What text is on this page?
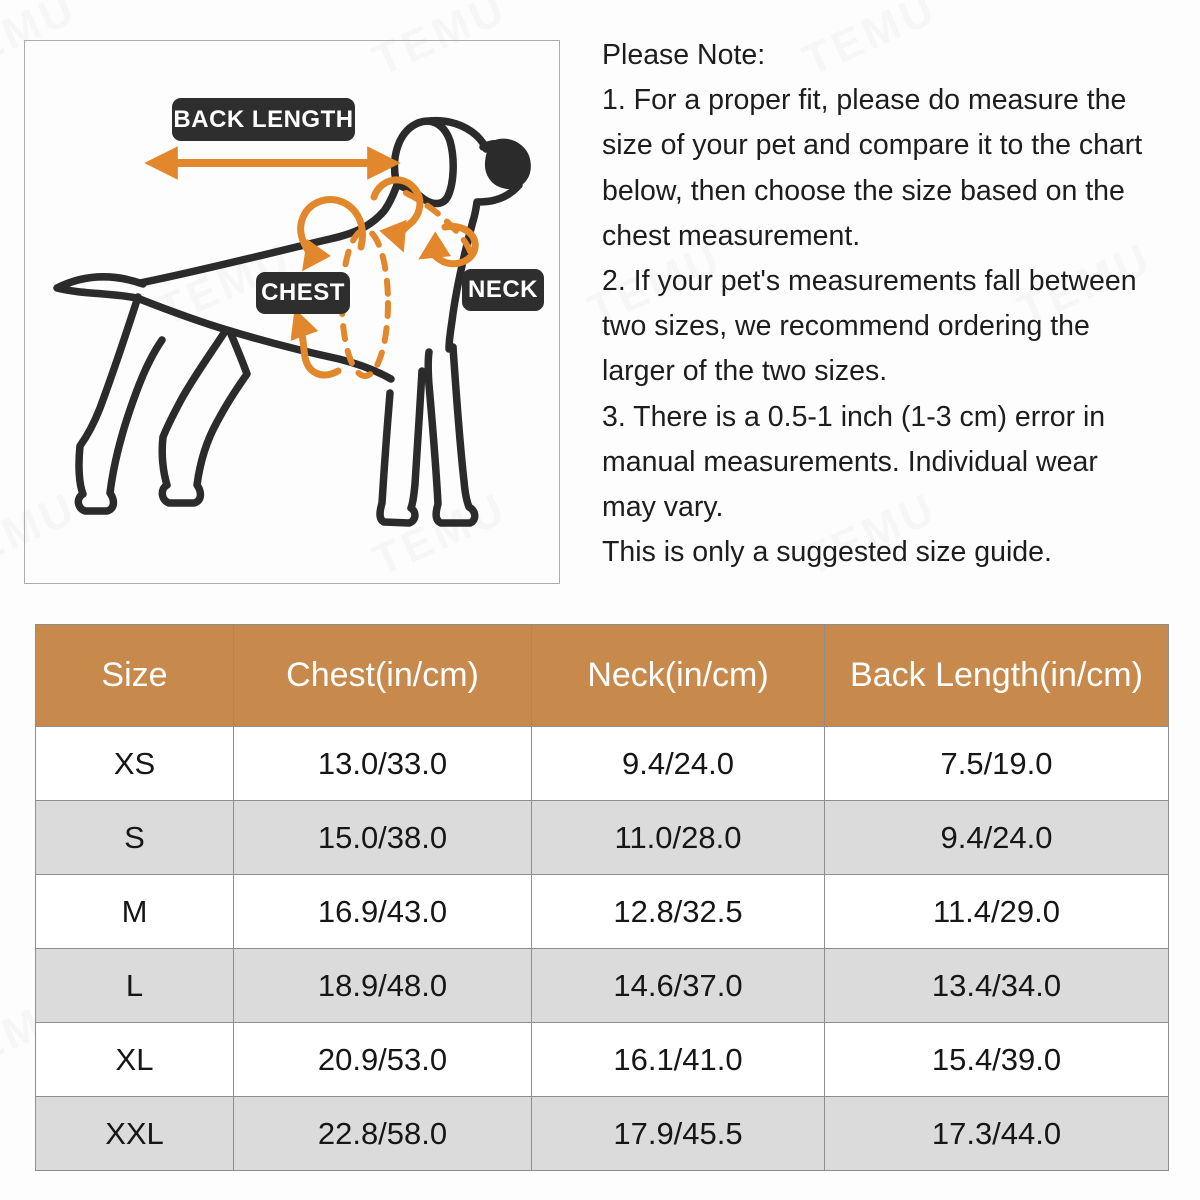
BACK LENGTH
CHEST	NECK
Please Note:
1. For a proper fit, please do measure the
size of your pet and compare it to the chart
below, then choose the size based on the
chest measurement.
2. If your pet's measurements fall between
two sizes, we recommend ordering the
larger of the two sizes.
3. There is a 0.5-1 inch (1-3 cm) error in
manual measurements. Individual wear
may vary.
This is only a suggested size guide.
Size	Chest(in/cm)	Neck(in/cm)	Back Length(in/cm)
XS	13.0/33.0	9.4/24.0	7.5/19.0
S	15.0/38.0	11.0/28.0	9.4/24.0
M	16.9/43.0	12.8/32.5	11.4/29.0
L	18.9/48.0	14.6/37.0	13.4/34.0
XL	20.9/53.0	16.1/41.0	15.4/39.0
XXL	22.8/58.0	17.9/45.5	17.3/44.0
